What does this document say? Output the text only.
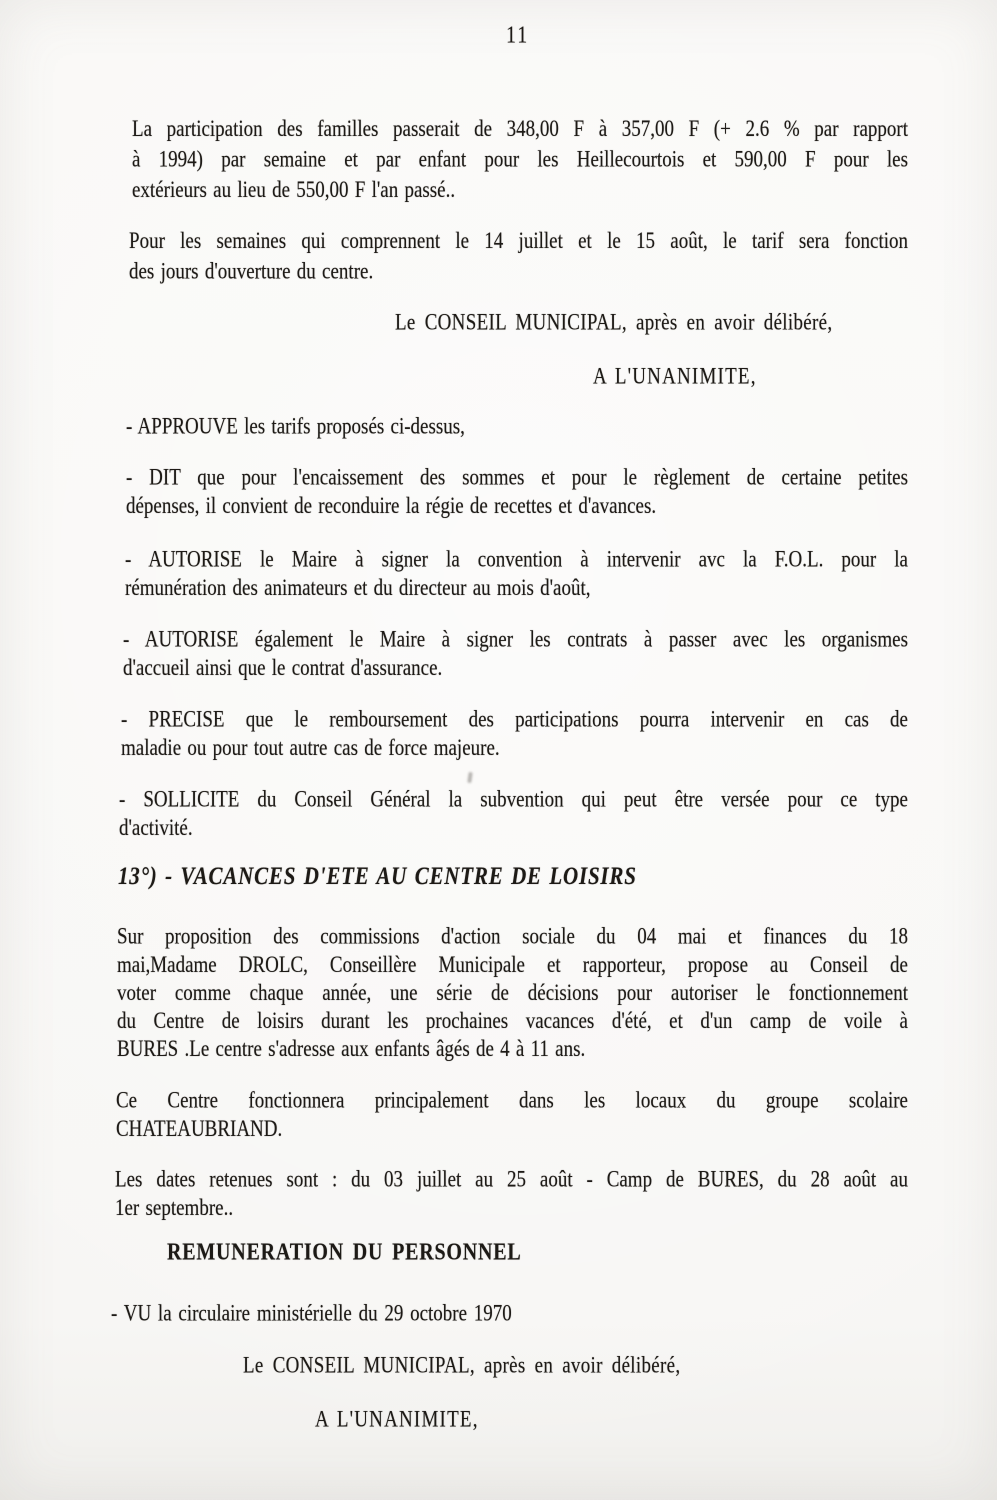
11
La participation des familles passerait de 348,00 F à 357,00 F (+ 2.6 % par rapport
à 1994) par semaine et par enfant pour les Heillecourtois et 590,00 F pour les
extérieurs au lieu de 550,00 F l'an passé..
Pour les semaines qui comprennent le 14 juillet et le 15 août, le tarif sera fonction
des jours d'ouverture du centre.
Le CONSEIL MUNICIPAL, après en avoir délibéré,
A L'UNANIMITE,
- APPROUVE les tarifs proposés ci-dessus,
- DIT que pour l'encaissement des sommes et pour le règlement de certaine petites
dépenses, il convient de reconduire la régie de recettes et d'avances.
- AUTORISE le Maire à signer la convention à intervenir avc la F.O.L. pour la
rémunération des animateurs et du directeur au mois d'août,
- AUTORISE également le Maire à signer les contrats à passer avec les organismes
d'accueil ainsi que le contrat d'assurance.
- PRECISE que le remboursement des participations pourra intervenir en cas de
maladie ou pour tout autre cas de force majeure.
- SOLLICITE du Conseil Général la subvention qui peut être versée pour ce type
d'activité.
13°) - VACANCES D'ETE AU CENTRE DE LOISIRS
Sur proposition des commissions d'action sociale du 04 mai et finances du 18
mai,Madame DROLC, Conseillère Municipale et rapporteur, propose au Conseil de
voter comme chaque année, une série de décisions pour autoriser le fonctionnement
du Centre de loisirs durant les prochaines vacances d'été, et d'un camp de voile à
BURES .Le centre s'adresse aux enfants âgés de 4 à 11 ans.
Ce Centre fonctionnera principalement dans les locaux du groupe scolaire
CHATEAUBRIAND.
Les dates retenues sont : du 03 juillet au 25 août - Camp de BURES, du 28 août au
1er septembre..
REMUNERATION DU PERSONNEL
- VU la circulaire ministérielle du 29 octobre 1970
Le CONSEIL MUNICIPAL, après en avoir délibéré,
A L'UNANIMITE,
